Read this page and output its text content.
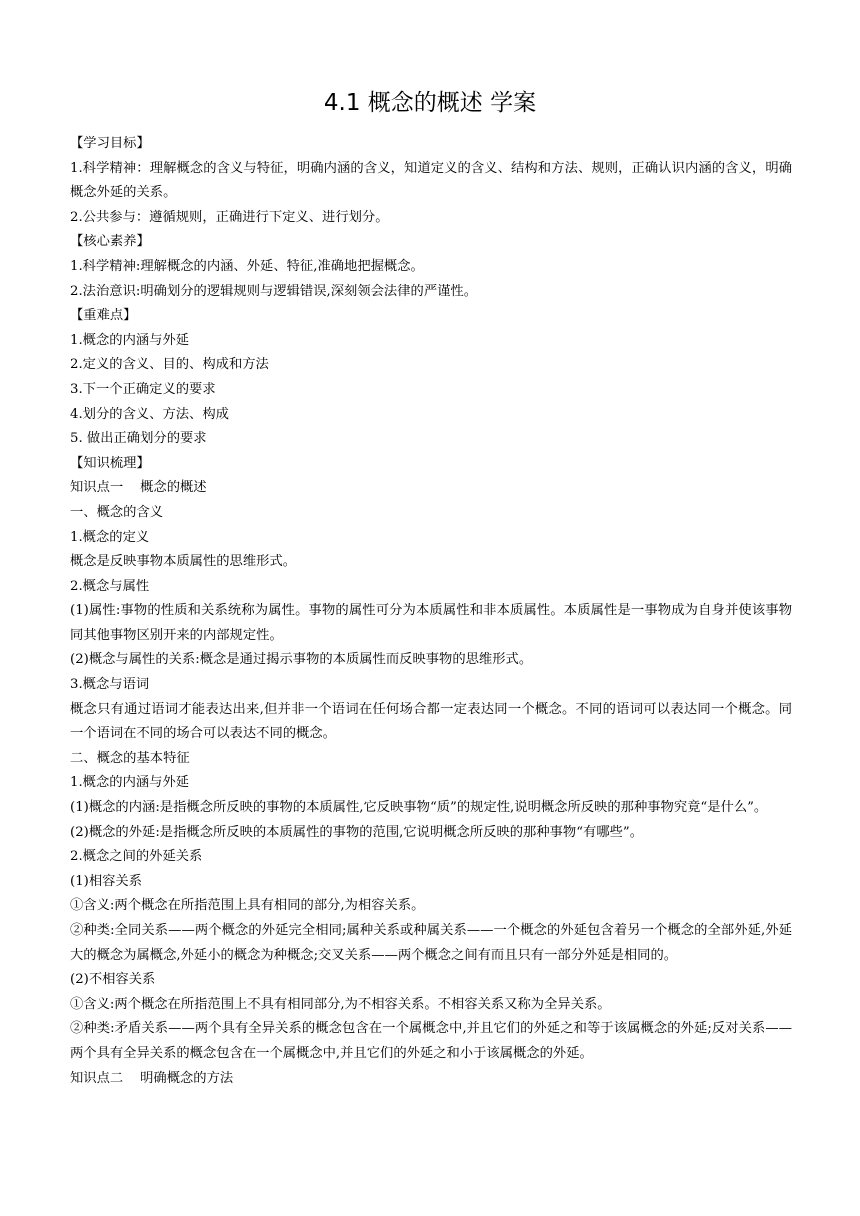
4.1 概念的概述 学案

【学习目标】

1.科学精神：理解概念的含义与特征，明确内涵的含义，知道定义的含义、结构和方法、规则，正确认识内涵的含义，明确概念外延的关系。

2.公共参与：遵循规则，正确进行下定义、进行划分。

【核心素养】

1.科学精神:理解概念的内涵、外延、特征,准确地把握概念。

2.法治意识:明确划分的逻辑规则与逻辑错误,深刻领会法律的严谨性。

【重难点】

1.概念的内涵与外延

2.定义的含义、目的、构成和方法

3.下一个正确定义的要求

4.划分的含义、方法、构成

5. 做出正确划分的要求

【知识梳理】

知识点一    概念的概述

一、概念的含义

1.概念的定义

概念是反映事物本质属性的思维形式。

2.概念与属性

(1)属性:事物的性质和关系统称为属性。事物的属性可分为本质属性和非本质属性。本质属性是一事物成为自身并使该事物同其他事物区别开来的内部规定性。

(2)概念与属性的关系:概念是通过揭示事物的本质属性而反映事物的思维形式。

3.概念与语词

概念只有通过语词才能表达出来,但并非一个语词在任何场合都一定表达同一个概念。不同的语词可以表达同一个概念。同一个语词在不同的场合可以表达不同的概念。

二、概念的基本特征

1.概念的内涵与外延

(1)概念的内涵:是指概念所反映的事物的本质属性,它反映事物“质”的规定性,说明概念所反映的那种事物究竟“是什么”。

(2)概念的外延:是指概念所反映的本质属性的事物的范围,它说明概念所反映的那种事物“有哪些”。

2.概念之间的外延关系

(1)相容关系

①含义:两个概念在所指范围上具有相同的部分,为相容关系。

②种类:全同关系——两个概念的外延完全相同;属种关系或种属关系——一个概念的外延包含着另一个概念的全部外延,外延大的概念为属概念,外延小的概念为种概念;交叉关系——两个概念之间有而且只有一部分外延是相同的。

(2)不相容关系

①含义:两个概念在所指范围上不具有相同部分,为不相容关系。不相容关系又称为全异关系。

②种类:矛盾关系——两个具有全异关系的概念包含在一个属概念中,并且它们的外延之和等于该属概念的外延;反对关系——两个具有全异关系的概念包含在一个属概念中,并且它们的外延之和小于该属概念的外延。

知识点二    明确概念的方法
